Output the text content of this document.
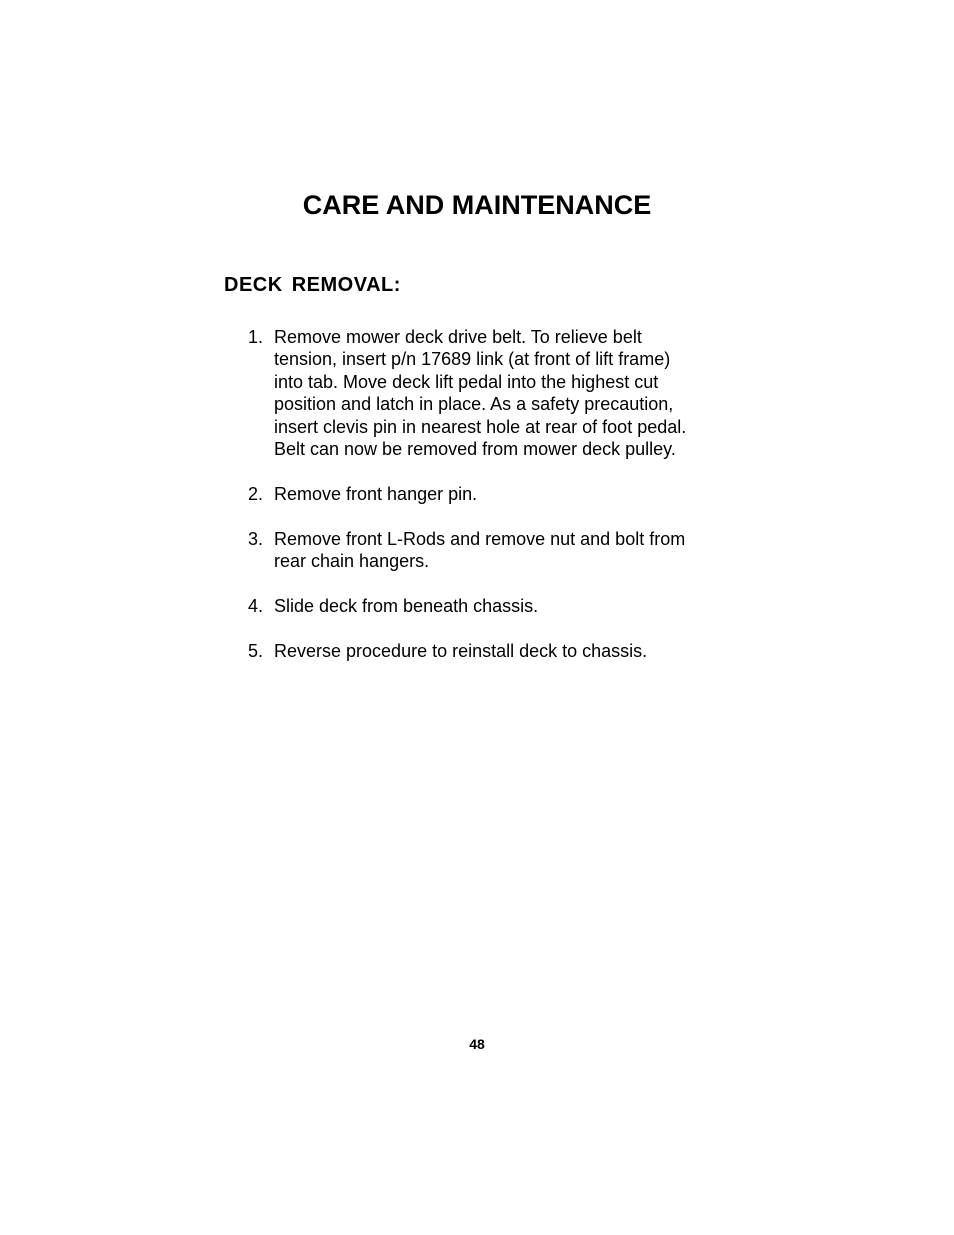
CARE AND MAINTENANCE
DECK REMOVAL:
1. Remove mower deck drive belt. To relieve belt
tension, insert p/n 17689 link (at front of lift frame)
into tab. Move deck lift pedal into the highest cut
position and latch in place. As a safety precaution,
insert clevis pin in nearest hole at rear of foot pedal.
Belt can now be removed from mower deck pulley.
2. Remove front hanger pin.
3. Remove front L-Rods and remove nut and bolt from
rear chain hangers.
4. Slide deck from beneath chassis.
5. Reverse procedure to reinstall deck to chassis.
48
